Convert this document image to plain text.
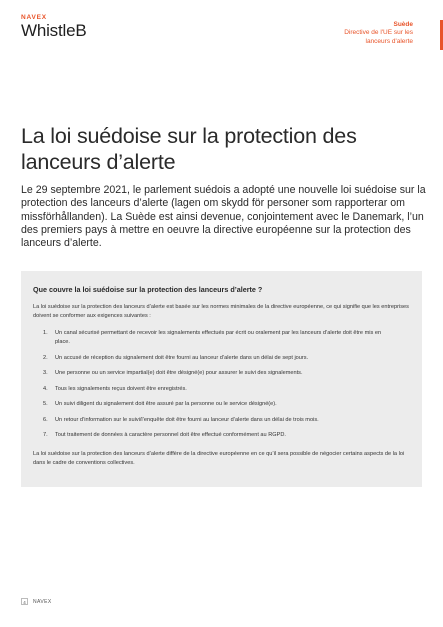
NAVEX
WhistleB	Suède
Directive de l'UE sur les
lanceurs d'alerte
La loi suédoise sur la protection des lanceurs d’alerte

Le 29 septembre 2021, le parlement suédois a adopté une nouvelle loi suédoise sur la protection des lanceurs d’alerte (lagen om skydd för personer som rapporterar om missförhållanden). La Suède est ainsi devenue, conjointement avec le Danemark, l’un des premiers pays à mettre en oeuvre la directive européenne sur la protection des lanceurs d’alerte.

Que couvre la loi suédoise sur la protection des lanceurs d’alerte ?

La loi suédoise sur la protection des lanceurs d’alerte est basée sur les normes minimales de la directive européenne, ce qui signifie que les entreprises doivent se conformer aux exigences suivantes :

1.	Un canal sécurisé permettant de recevoir les signalements effectués par écrit ou oralement par les lanceurs d’alerte doit être mis en place.
2.	Un accusé de réception du signalement doit être fourni au lanceur d’alerte dans un délai de sept jours.
3.	Une personne ou un service impartial(e) doit être désigné(e) pour assurer le suivi des signalements.
4.	Tous les signalements reçus doivent être enregistrés.
5.	Un suivi diligent du signalement doit être assuré par la personne ou le service désigné(e).
6.	Un retour d’information sur le suivi/l’enquête doit être fourni au lanceur d’alerte dans un délai de trois mois.
7.	Tout traitement de données à caractère personnel doit être effectué conformément au RGPD.

La loi suédoise sur la protection des lanceurs d’alerte diffère de la directive européenne en ce qu’il sera possible de négocier certains aspects de la loi dans le cadre de conventions collectives.

4	NAVEX
